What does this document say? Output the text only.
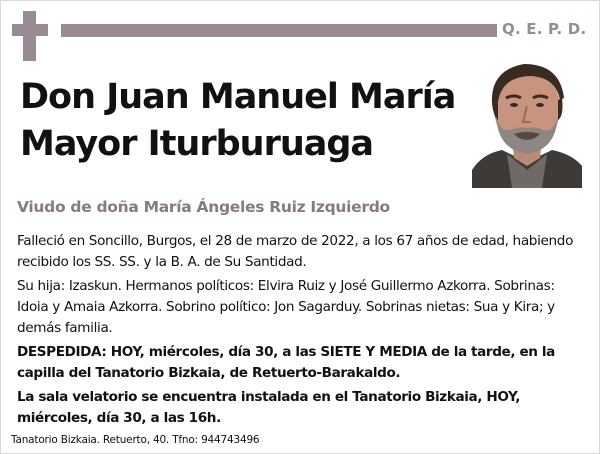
Q. E. P. D.
Don Juan Manuel María
Mayor Iturburuaga
Viudo de doña María Ángeles Ruiz Izquierdo

Falleció en Soncillo, Burgos, el 28 de marzo de 2022, a los 67 años de edad, habiendo recibido los SS. SS. y la B. A. de Su Santidad.

Su hija: Izaskun. Hermanos políticos: Elvira Ruiz y José Guillermo Azkorra. Sobrinas: Idoia y Amaia Azkorra. Sobrino político: Jon Sagarduy. Sobrinas nietas: Sua y Kira; y demás familia.

DESPEDIDA: HOY, miércoles, día 30, a las SIETE Y MEDIA de la tarde, en la capilla del Tanatorio Bizkaia, de Retuerto-Barakaldo.

La sala velatorio se encuentra instalada en el Tanatorio Bizkaia, HOY, miércoles, día 30, a las 16h.

Tanatorio Bizkaia. Retuerto, 40. Tfno: 944743496
